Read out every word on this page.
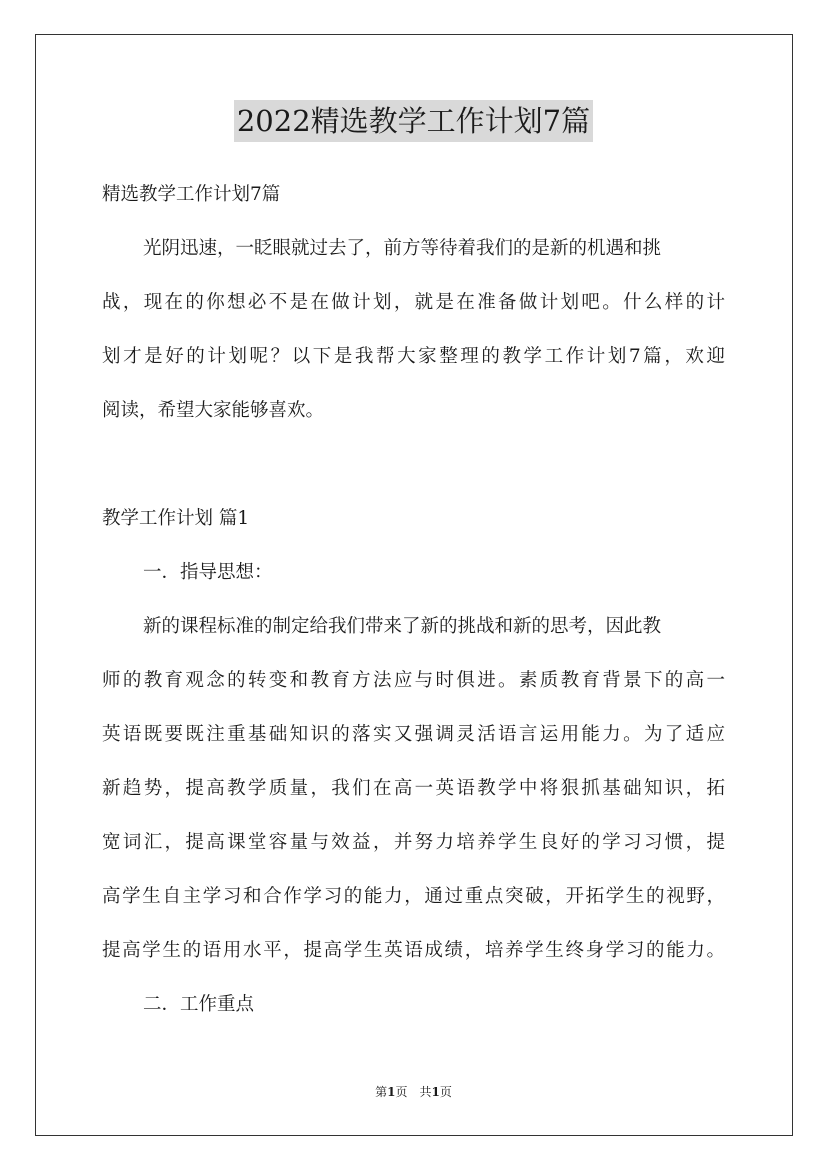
2022精选教学工作计划7篇

精选教学工作计划7篇

光阴迅速，一眨眼就过去了，前方等待着我们的是新的机遇和挑

战，现在的你想必不是在做计划，就是在准备做计划吧。什么样的计

划才是好的计划呢？以下是我帮大家整理的教学工作计划7篇，欢迎

阅读，希望大家能够喜欢。

教学工作计划 篇1

一．指导思想：

新的课程标准的制定给我们带来了新的挑战和新的思考，因此教

师的教育观念的转变和教育方法应与时俱进。素质教育背景下的高一

英语既要既注重基础知识的落实又强调灵活语言运用能力。为了适应

新趋势，提高教学质量，我们在高一英语教学中将狠抓基础知识，拓

宽词汇，提高课堂容量与效益，并努力培养学生良好的学习习惯，提

高学生自主学习和合作学习的能力，通过重点突破，开拓学生的视野，

提高学生的语用水平，提高学生英语成绩，培养学生终身学习的能力。

二．工作重点

第1页　共1页
